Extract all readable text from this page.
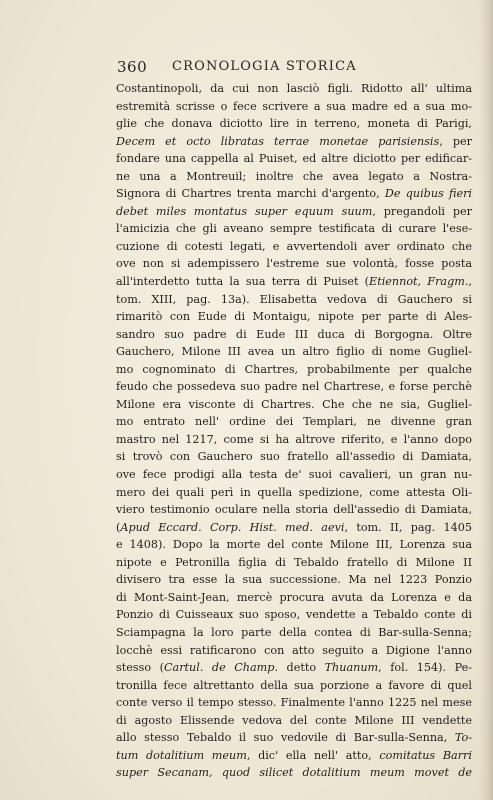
360 CRONOLOGIA STORICA
Costantinopoli, da cui non lasciò figli. Ridotto all' ultima
estremità scrisse o fece scrivere a sua madre ed a sua mo-
glie che donava diciotto lire in terreno, moneta di Parigi,
Decem et octo libratas terrae monetae parisiensis, per
fondare una cappella al Puiset, ed altre diciotto per edificar-
ne una a Montreuil; inoltre che avea legato a Nostra-
Signora di Chartres trenta marchi d'argento, De quibus fieri
debet miles montatus super equum suum, pregandoli per
l'amicizia che gli aveano sempre testificata di curare l'ese-
cuzione di cotesti legati, e avvertendoli aver ordinato che
ove non si adempissero l'estreme sue volontà, fosse posta
all'interdetto tutta la sua terra di Puiset (Etiennot, Fragm.,
tom. XIII, pag. 13a). Elisabetta vedova di Gauchero si
rimaritò con Eude di Montaigu, nipote per parte di Ales-
sandro suo padre di Eude III duca di Borgogna. Oltre
Gauchero, Milone III avea un altro figlio di nome Gugliel-
mo cognominato di Chartres, probabilmente per qualche
feudo che possedeva suo padre nel Chartrese, e forse perchè
Milone era visconte di Chartres. Che che ne sia, Gugliel-
mo entrato nell' ordine dei Templari, ne divenne gran
mastro nel 1217, come si ha altrove riferito, e l'anno dopo
si trovò con Gauchero suo fratello all'assedio di Damiata,
ove fece prodigi alla testa de' suoi cavalieri, un gran nu-
mero dei quali perì in quella spedizione, come attesta Oli-
viero testimonio oculare nella storia dell'assedio di Damiata,
(Apud Eccard. Corp. Hist. med. aevi, tom. II, pag. 1405
e 1408). Dopo la morte del conte Milone III, Lorenza sua
nipote e Petronilla figlia di Tebaldo fratello di Milone II
divisero tra esse la sua successione. Ma nel 1223 Ponzio
di Mont-Saint-Jean, mercè procura avuta da Lorenza e da
Ponzio di Cuisseaux suo sposo, vendette a Tebaldo conte di
Sciampagna la loro parte della contea di Bar-sulla-Senna;
locchè essi ratificarono con atto seguito a Digione l'anno
stesso (Cartul. de Champ. detto Thuanum, fol. 154). Pe-
tronilla fece altrettanto della sua porzione a favore di quel
conte verso il tempo stesso. Finalmente l'anno 1225 nel mese
di agosto Elissende vedova del conte Milone III vendette
allo stesso Tebaldo il suo vedovile di Bar-sulla-Senna, To-
tum dotalitium meum, dic' ella nell' atto, comitatus Barri
super Secanam, quod silicet dotalitium meum movet de
